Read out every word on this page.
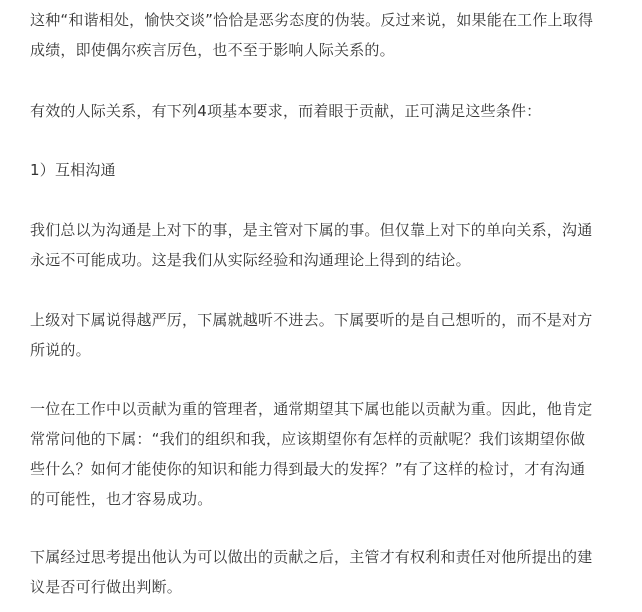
这种“和谐相处，愉快交谈”恰恰是恶劣态度的伪装。反过来说，如果能在工作上取得
成绩，即使偶尔疾言厉色，也不至于影响人际关系的。

有效的人际关系，有下列4项基本要求，而着眼于贡献，正可满足这些条件：

1）互相沟通

我们总以为沟通是上对下的事，是主管对下属的事。但仅靠上对下的单向关系，沟通
永远不可能成功。这是我们从实际经验和沟通理论上得到的结论。

上级对下属说得越严厉，下属就越听不进去。下属要听的是自己想听的，而不是对方
所说的。

一位在工作中以贡献为重的管理者，通常期望其下属也能以贡献为重。因此，他肯定
常常问他的下属：“我们的组织和我，应该期望你有怎样的贡献呢？我们该期望你做
些什么？如何才能使你的知识和能力得到最大的发挥？”有了这样的检讨，才有沟通
的可能性，也才容易成功。

下属经过思考提出他认为可以做出的贡献之后，主管才有权利和责任对他所提出的建
议是否可行做出判断。
